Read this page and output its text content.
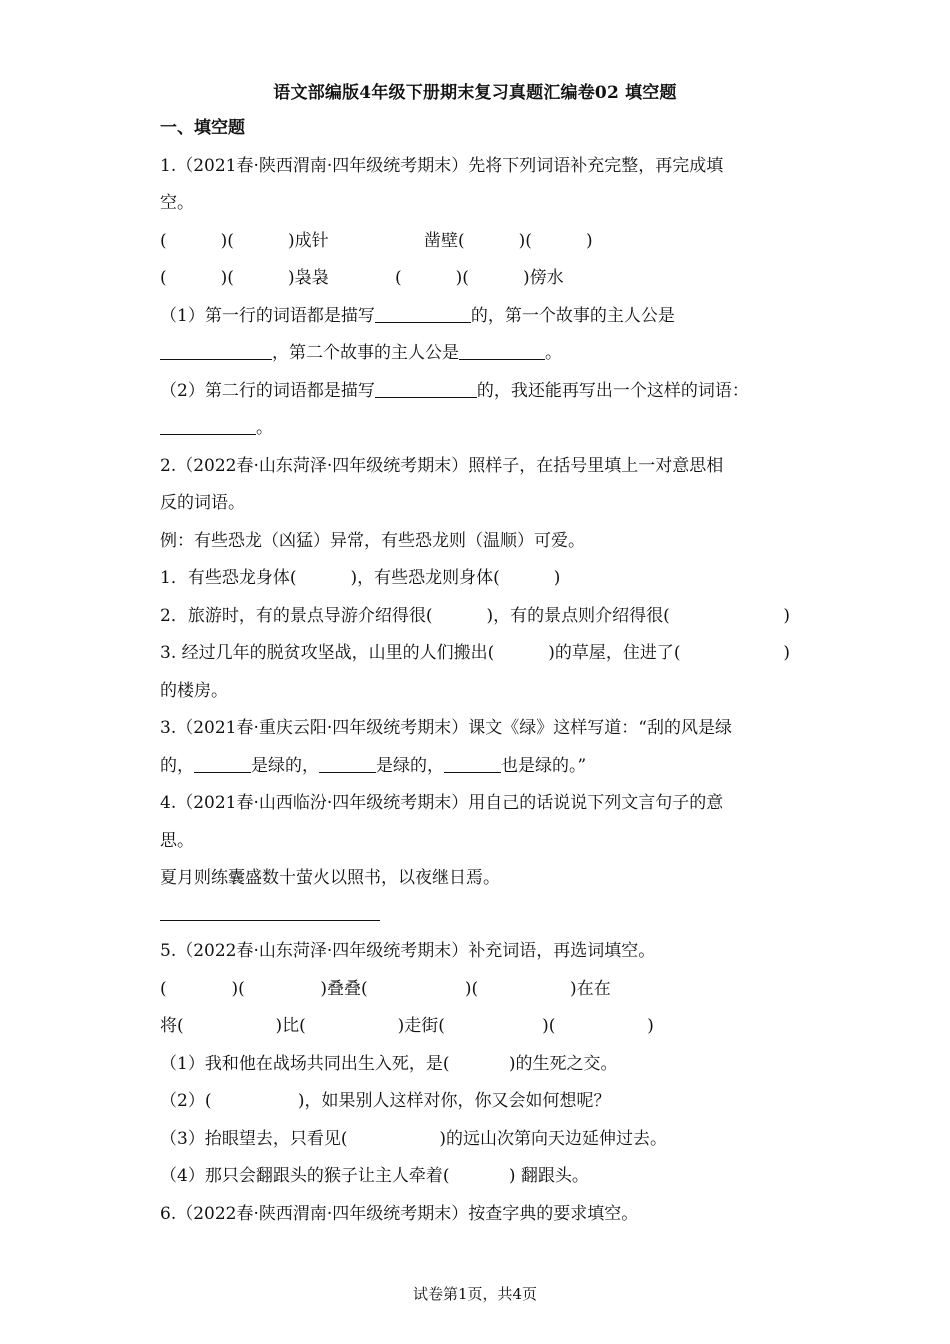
语文部编版4年级下册期末复习真题汇编卷02 填空题
一、填空题
1.（2021春·陕西渭南·四年级统考期末）先将下列词语补充完整，再完成填
空。
(          )(          )成针	凿壁(          )(          )
(          )(          )袅袅	(          )(          )傍水
（1）第一行的词语都是描写	的，第一个故事的主人公是
，第二个故事的主人公是	。
（2）第二行的词语都是描写	的，我还能再写出一个这样的词语：
。
2.（2022春·山东菏泽·四年级统考期末）照样子，在括号里填上一对意思相
反的词语。
例：有些恐龙（凶猛）异常，有些恐龙则（温顺）可爱。
1．有些恐龙身体(          )，有些恐龙则身体(          )
2．旅游时，有的景点导游介绍得很(          )，有的景点则介绍得很(	)
3. 经过几年的脱贫攻坚战，山里的人们搬出(          )的草屋，住进了(	)
的楼房。
3.（2021春·重庆云阳·四年级统考期末）课文《绿》这样写道：“刮的风是绿
的，	是绿的，	是绿的，	也是绿的。”
4.（2021春·山西临汾·四年级统考期末）用自己的话说说下列文言句子的意
思。
夏月则练囊盛数十萤火以照书，以夜继日焉。
5.（2022春·山东菏泽·四年级统考期末）补充词语，再选词填空。
(            )(              )叠叠(                  )(                 )在在
将(                 )比(                 )走街(                  )(                 )
（1）我和他在战场共同出生入死，是(           )的生死之交。
（2）(                )，如果别人这样对你，你又会如何想呢？
（3）抬眼望去，只看见(                 )的远山次第向天边延伸过去。
（4）那只会翻跟头的猴子让主人牵着(           ) 翻跟头。
6.（2022春·陕西渭南·四年级统考期末）按查字典的要求填空。
试卷第1页，共4页
